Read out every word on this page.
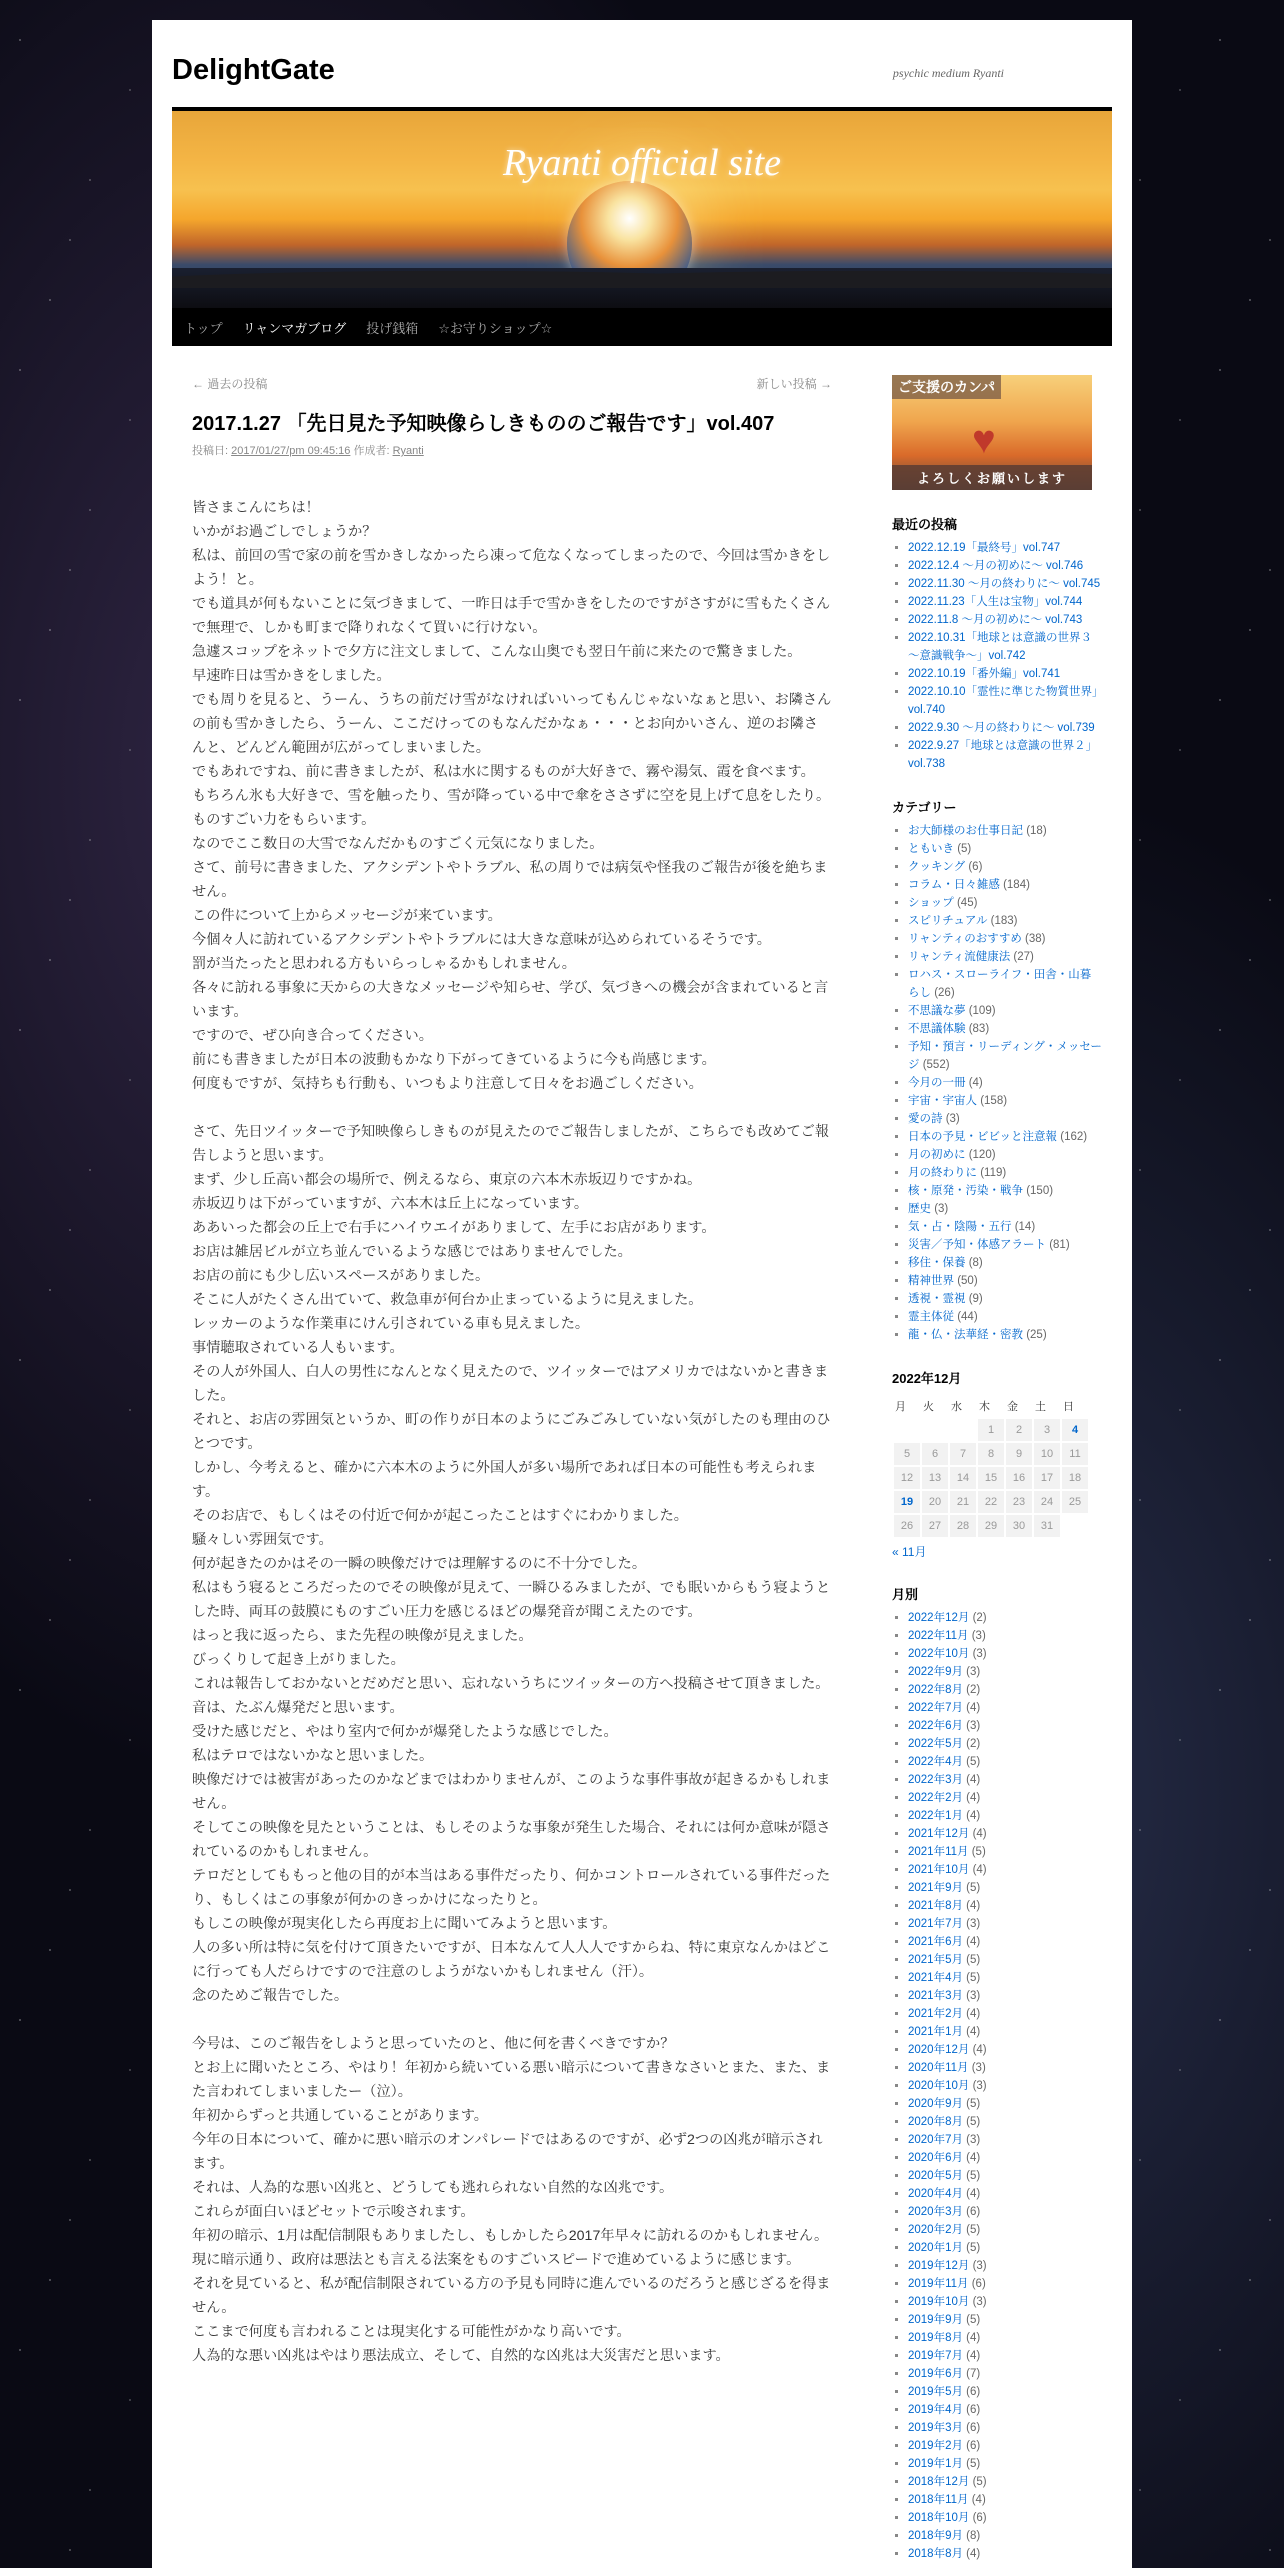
DelightGate	psychic medium Ryanti
Ryanti official site
トップ リャンマガブログ 投げ銭箱 ☆お守りショップ☆
← 過去の投稿	新しい投稿 →
2017.1.27 「先日見た予知映像らしきもののご報告です」vol.407
投稿日: 2017/01/27/pm 09:45:16 作成者: Ryanti

皆さまこんにちは！

いかがお過ごしでしょうか？

私は、前回の雪で家の前を雪かきしなかったら凍って危なくなってしまったので、今回は雪かきをしよう！と。

でも道具が何もないことに気づきまして、一昨日は手で雪かきをしたのですがさすがに雪もたくさんで無理で、しかも町まで降りれなくて買いに行けない。

急遽スコップをネットで夕方に注文しまして、こんな山奥でも翌日午前に来たので驚きました。

早速昨日は雪かきをしました。

でも周りを見ると、うーん、うちの前だけ雪がなければいいってもんじゃないなぁと思い、お隣さんの前も雪かきしたら、うーん、ここだけってのもなんだかなぁ・・・とお向かいさん、逆のお隣さんと、どんどん範囲が広がってしまいました。

でもあれですね、前に書きましたが、私は水に関するものが大好きで、霧や湯気、霞を食べます。

もちろん氷も大好きで、雪を触ったり、雪が降っている中で傘をささずに空を見上げて息をしたり。

ものすごい力をもらいます。

なのでここ数日の大雪でなんだかものすごく元気になりました。

さて、前号に書きました、アクシデントやトラブル、私の周りでは病気や怪我のご報告が後を絶ちません。

この件について上からメッセージが来ています。

今個々人に訪れているアクシデントやトラブルには大きな意味が込められているそうです。

罰が当たったと思われる方もいらっしゃるかもしれません。

各々に訪れる事象に天からの大きなメッセージや知らせ、学び、気づきへの機会が含まれていると言います。

ですので、ぜひ向き合ってください。

前にも書きましたが日本の波動もかなり下がってきているように今も尚感じます。

何度もですが、気持ちも行動も、いつもより注意して日々をお過ごしください。

さて、先日ツイッターで予知映像らしきものが見えたのでご報告しましたが、こちらでも改めてご報告しようと思います。

まず、少し丘高い都会の場所で、例えるなら、東京の六本木赤坂辺りですかね。

赤坂辺りは下がっていますが、六本木は丘上になっています。

ああいった都会の丘上で右手にハイウエイがありまして、左手にお店があります。

お店は雑居ビルが立ち並んでいるような感じではありませんでした。

お店の前にも少し広いスペースがありました。

そこに人がたくさん出ていて、救急車が何台か止まっているように見えました。

レッカーのような作業車にけん引されている車も見えました。

事情聴取されている人もいます。

その人が外国人、白人の男性になんとなく見えたので、ツイッターではアメリカではないかと書きました。

それと、お店の雰囲気というか、町の作りが日本のようにごみごみしていない気がしたのも理由のひとつです。

しかし、今考えると、確かに六本木のように外国人が多い場所であれば日本の可能性も考えられます。

そのお店で、もしくはその付近で何かが起こったことはすぐにわかりました。

騒々しい雰囲気です。

何が起きたのかはその一瞬の映像だけでは理解するのに不十分でした。

私はもう寝るところだったのでその映像が見えて、一瞬ひるみましたが、でも眠いからもう寝ようとした時、両耳の鼓膜にものすごい圧力を感じるほどの爆発音が聞こえたのです。

はっと我に返ったら、また先程の映像が見えました。

びっくりして起き上がりました。

これは報告しておかないとだめだと思い、忘れないうちにツイッターの方へ投稿させて頂きました。

音は、たぶん爆発だと思います。

受けた感じだと、やはり室内で何かが爆発したような感じでした。

私はテロではないかなと思いました。

映像だけでは被害があったのかなどまではわかりませんが、このような事件事故が起きるかもしれません。

そしてこの映像を見たということは、もしそのような事象が発生した場合、それには何か意味が隠されているのかもしれません。

テロだとしてももっと他の目的が本当はある事件だったり、何かコントロールされている事件だったり、もしくはこの事象が何かのきっかけになったりと。

もしこの映像が現実化したら再度お上に聞いてみようと思います。

人の多い所は特に気を付けて頂きたいですが、日本なんて人人人ですからね、特に東京なんかはどこに行っても人だらけですので注意のしようがないかもしれません（汗）。

念のためご報告でした。

今号は、このご報告をしようと思っていたのと、他に何を書くべきですか？

とお上に聞いたところ、やはり！年初から続いている悪い暗示について書きなさいとまた、また、また言われてしまいましたー（泣）。

年初からずっと共通していることがあります。

今年の日本について、確かに悪い暗示のオンパレードではあるのですが、必ず2つの凶兆が暗示されます。

それは、人為的な悪い凶兆と、どうしても逃れられない自然的な凶兆です。

これらが面白いほどセットで示唆されます。

年初の暗示、1月は配信制限もありましたし、もしかしたら2017年早々に訪れるのかもしれません。

現に暗示通り、政府は悪法とも言える法案をものすごいスピードで進めているように感じます。

それを見ていると、私が配信制限されている方の予見も同時に進んでいるのだろうと感じざるを得ません。

ここまで何度も言われることは現実化する可能性がかなり高いです。

人為的な悪い凶兆はやはり悪法成立、そして、自然的な凶兆は大災害だと思います。

ご支援のカンパ
♥
よろしくお願いします
最近の投稿
▪ 2022.12.19「最終号」vol.747
▪ 2022.12.4 ～月の初めに～ vol.746
▪ 2022.11.30 ～月の終わりに～ vol.745
▪ 2022.11.23「人生は宝物」vol.744
▪ 2022.11.8 ～月の初めに～ vol.743
▪ 2022.10.31「地球とは意識の世界３～意識戦争～」vol.742
▪ 2022.10.19「番外編」vol.741
▪ 2022.10.10「霊性に準じた物質世界」vol.740
▪ 2022.9.30 ～月の終わりに～ vol.739
▪ 2022.9.27「地球とは意識の世界２」vol.738
カテゴリー
▪ お大師様のお仕事日記 (18)
▪ ともいき (5)
▪ クッキング (6)
▪ コラム・日々雑感 (184)
▪ ショップ (45)
▪ スピリチュアル (183)
▪ リャンティのおすすめ (38)
▪ リャンティ流健康法 (27)
▪ ロハス・スローライフ・田舎・山暮らし (26)
▪ 不思議な夢 (109)
▪ 不思議体験 (83)
▪ 予知・預言・リーディング・メッセージ (552)
▪ 今月の一冊 (4)
▪ 宇宙・宇宙人 (158)
▪ 愛の詩 (3)
▪ 日本の予見・ビビッと注意報 (162)
▪ 月の初めに (120)
▪ 月の終わりに (119)
▪ 核・原発・汚染・戦争 (150)
▪ 歴史 (3)
▪ 気・占・陰陽・五行 (14)
▪ 災害／予知・体感アラート (81)
▪ 移住・保養 (8)
▪ 精神世界 (50)
▪ 透視・霊視 (9)
▪ 霊主体従 (44)
▪ 龍・仏・法華経・密教 (25)
2022年12月
月	火	水	木	金	土	日
			1	2	3	4
5	6	7	8	9	10	11
12	13	14	15	16	17	18
19	20	21	22	23	24	25
26	27	28	29	30	31	
« 11月
月別
▪ 2022年12月 (2)
▪ 2022年11月 (3)
▪ 2022年10月 (3)
▪ 2022年9月 (3)
▪ 2022年8月 (2)
▪ 2022年7月 (4)
▪ 2022年6月 (3)
▪ 2022年5月 (2)
▪ 2022年4月 (5)
▪ 2022年3月 (4)
▪ 2022年2月 (4)
▪ 2022年1月 (4)
▪ 2021年12月 (4)
▪ 2021年11月 (5)
▪ 2021年10月 (4)
▪ 2021年9月 (5)
▪ 2021年8月 (4)
▪ 2021年7月 (3)
▪ 2021年6月 (4)
▪ 2021年5月 (5)
▪ 2021年4月 (5)
▪ 2021年3月 (3)
▪ 2021年2月 (4)
▪ 2021年1月 (4)
▪ 2020年12月 (4)
▪ 2020年11月 (3)
▪ 2020年10月 (3)
▪ 2020年9月 (5)
▪ 2020年8月 (5)
▪ 2020年7月 (3)
▪ 2020年6月 (4)
▪ 2020年5月 (5)
▪ 2020年4月 (4)
▪ 2020年3月 (6)
▪ 2020年2月 (5)
▪ 2020年1月 (5)
▪ 2019年12月 (3)
▪ 2019年11月 (6)
▪ 2019年10月 (3)
▪ 2019年9月 (5)
▪ 2019年8月 (4)
▪ 2019年7月 (4)
▪ 2019年6月 (7)
▪ 2019年5月 (6)
▪ 2019年4月 (6)
▪ 2019年3月 (6)
▪ 2019年2月 (6)
▪ 2019年1月 (5)
▪ 2018年12月 (5)
▪ 2018年11月 (4)
▪ 2018年10月 (6)
▪ 2018年9月 (8)
▪ 2018年8月 (4)
